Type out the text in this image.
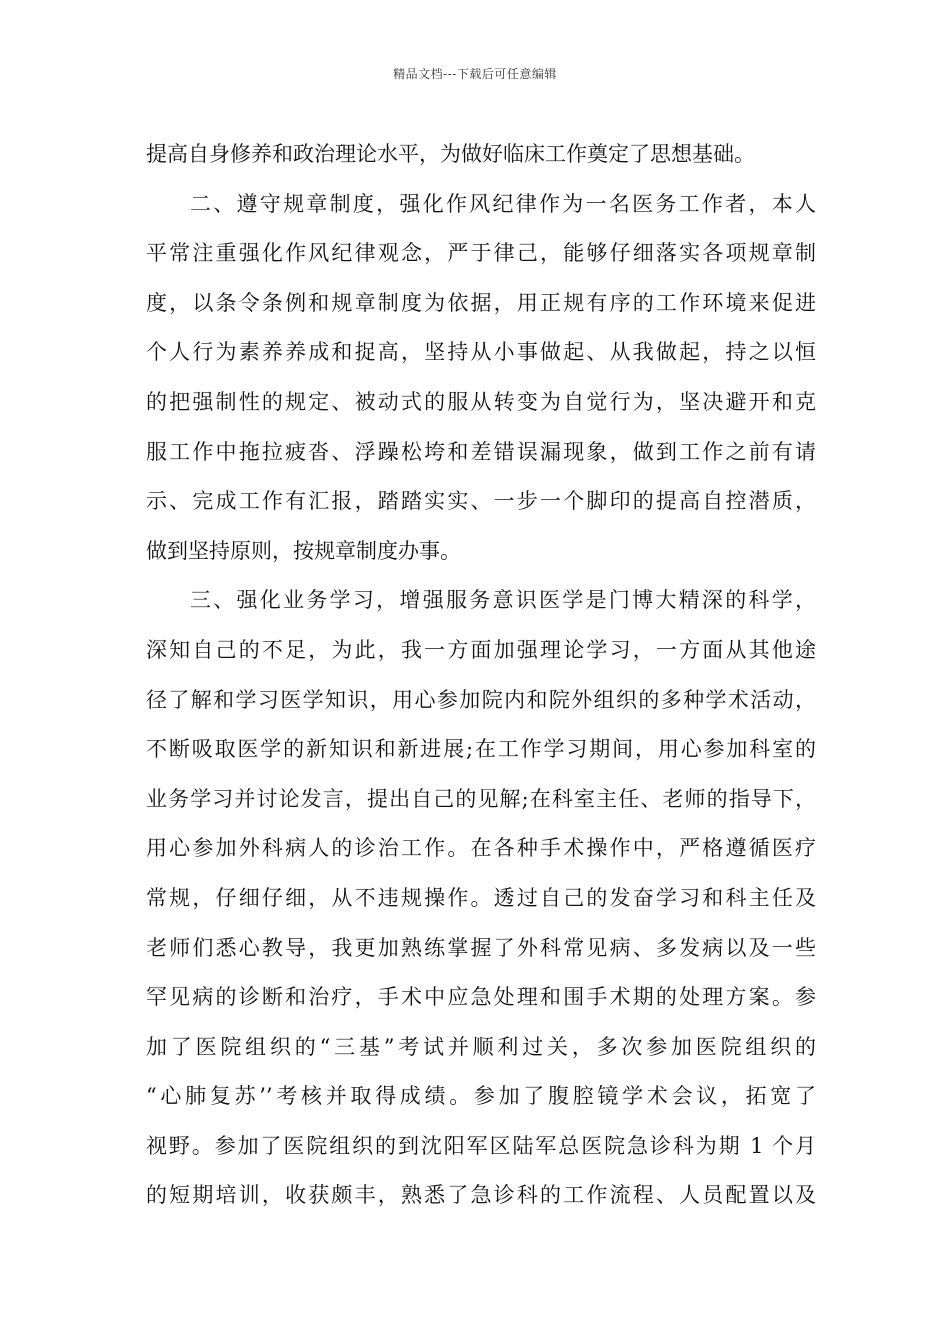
精品文档---下载后可任意编辑
提高自身修养和政治理论水平，为做好临床工作奠定了思想基础。
二、遵守规章制度，强化作风纪律作为一名医务工作者，本人
平常注重强化作风纪律观念，严于律己，能够仔细落实各项规章制
度，以条令条例和规章制度为依据，用正规有序的工作环境来促进
个人行为素养养成和捉高，坚持从小事做起、从我做起，持之以恒
的把强制性的规定、被动式的服从转变为自觉行为，坚决避开和克
服工作中拖拉疲沓、浮躁松垮和差错误漏现象，做到工作之前有请
示、完成工作有汇报，踏踏实实、一步一个脚印的提高自控潜质，
做到坚持原则，按规章制度办事。
三、强化业务学习，增强服务意识医学是门博大精深的科学，
深知自己的不足，为此，我一方面加强理论学习，一方面从其他途
径了解和学习医学知识，用心参加院内和院外组织的多种学术活动，
不断吸取医学的新知识和新进展;在工作学习期间，用心参加科室的
业务学习并讨论发言，提出自己的见解;在科室主任、老师的指导下，
用心参加外科病人的诊治工作。在各种手术操作中，严格遵循医疗
常规，仔细仔细，从不违规操作。透过自己的发奋学习和科主任及
老师们悉心教导，我更加熟练掌握了外科常见病、多发病以及一些
罕见病的诊断和治疗，手术中应急处理和围手术期的处理方案。参
加了医院组织的“三基”考试并顺利过关，多次参加医院组织的
“心肺复苏’’考核并取得成绩。参加了腹腔镜学术会议，拓宽了
视野。参加了医院组织的到沈阳军区陆军总医院急诊科为期 1 个月
的短期培训，收获颇丰，熟悉了急诊科的工作流程、人员配置以及
